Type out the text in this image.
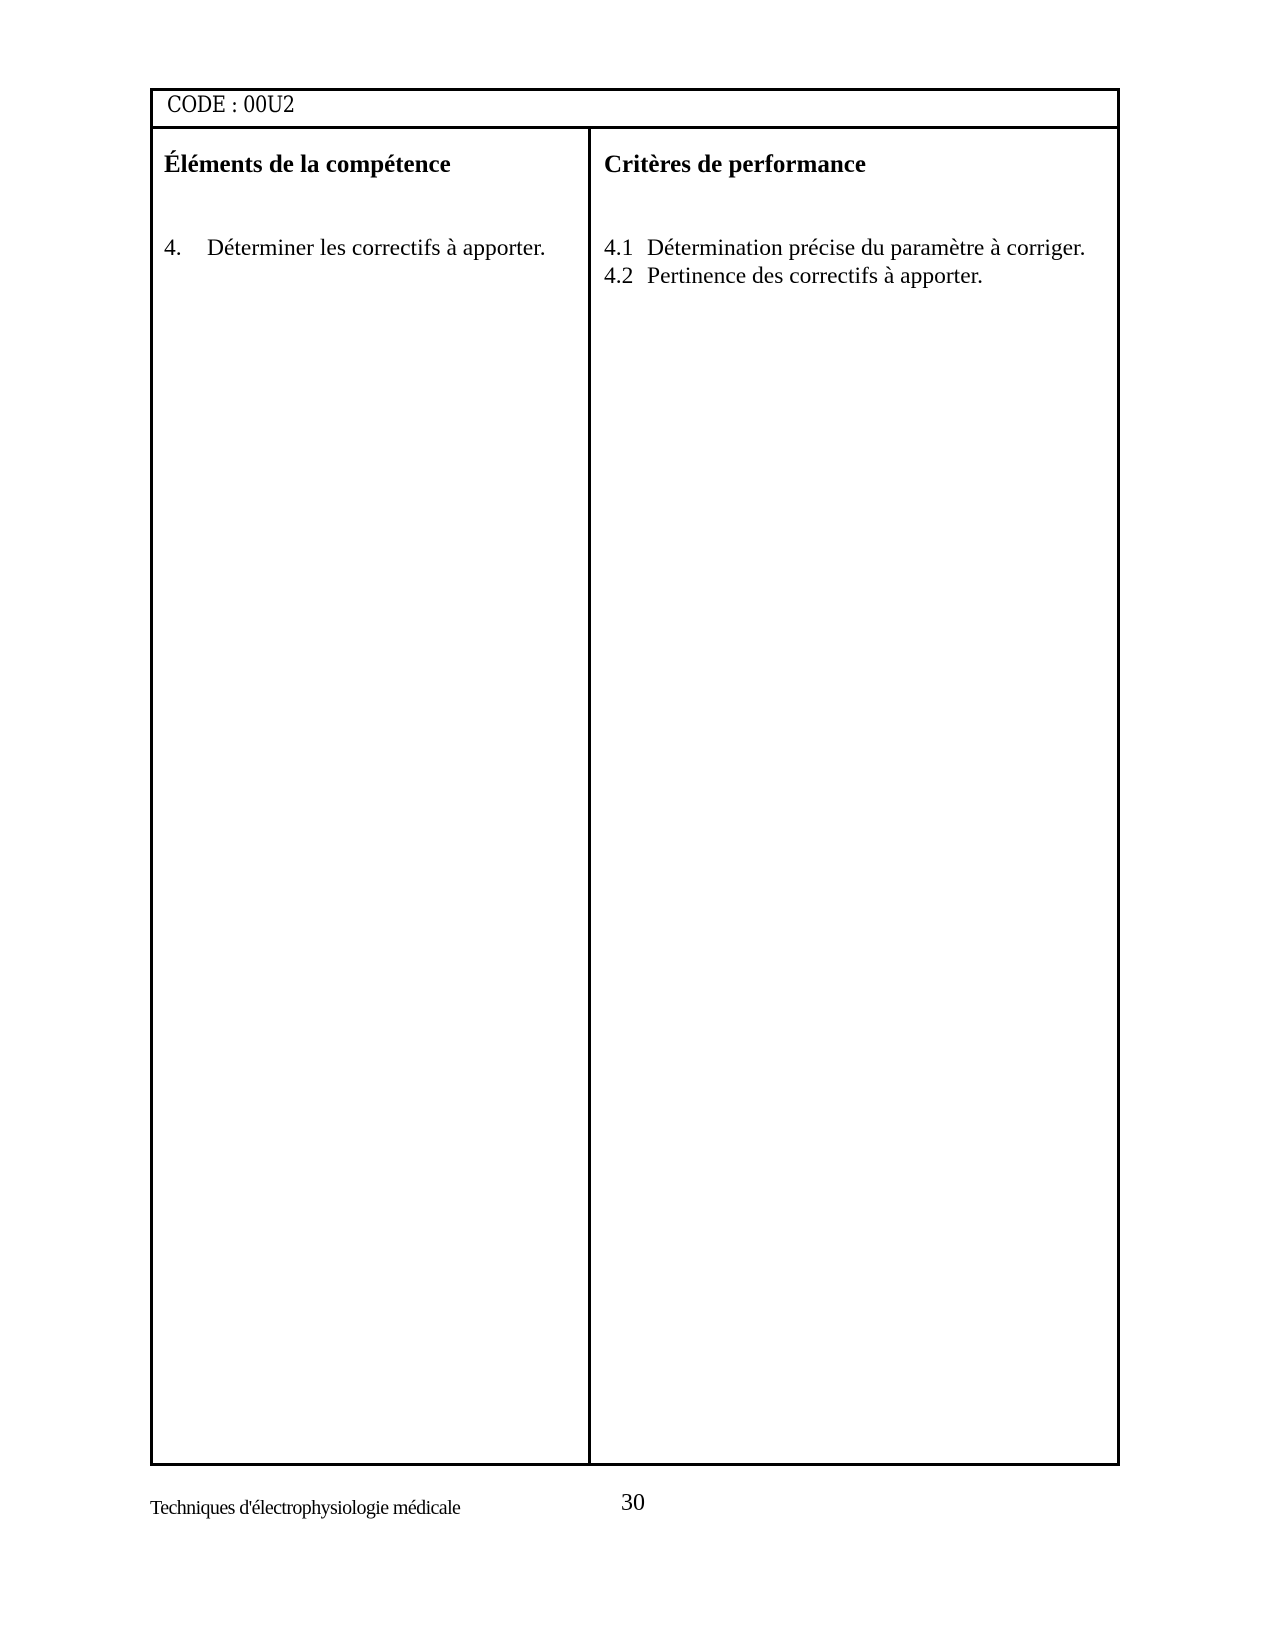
CODE : 00U2
Éléments de la compétence
4.	Déterminer les correctifs à apporter.
Critères de performance
4.1 Détermination précise du paramètre à corriger.
4.2 Pertinence des correctifs à apporter.
Techniques d'électrophysiologie médicale	30
